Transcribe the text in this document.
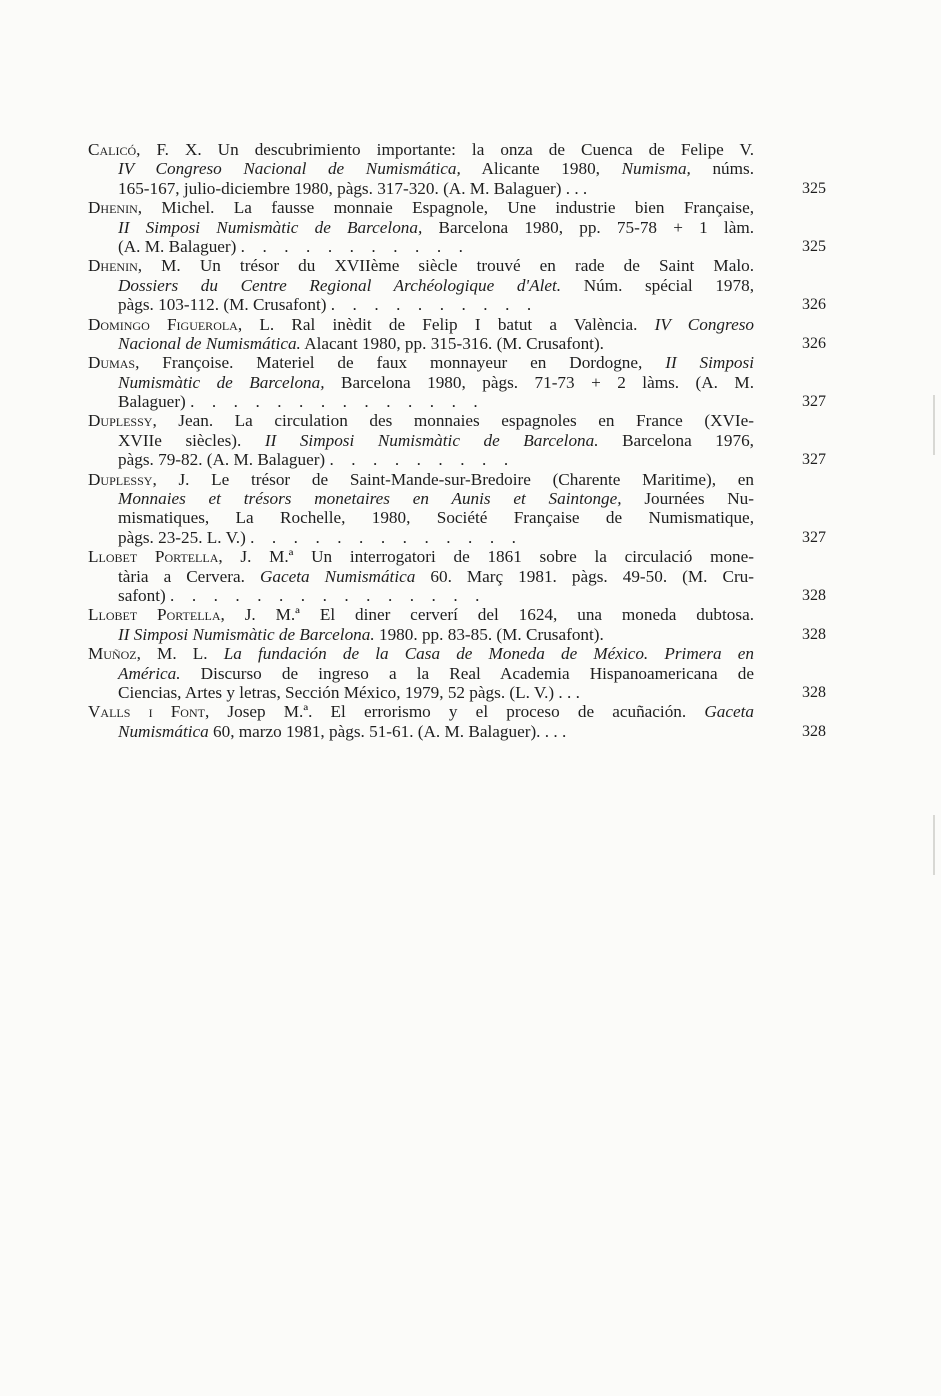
Calicó, F. X. Un descubrimiento importante: la onza de Cuenca de Felipe V.
IV Congreso Nacional de Numismática, Alicante 1980, Numisma, núms.
165-167, julio-diciembre 1980, pàgs. 317-320. (A. M. Balaguer) . . .	325
Dhenin, Michel. La fausse monnaie Espagnole, Une industrie bien Française,
II Simposi Numismàtic de Barcelona, Barcelona 1980, pp. 75-78 + 1 làm.
(A. M. Balaguer) . . . . . . . . . . .	325
Dhenin, M. Un trésor du XVIIème siècle trouvé en rade de Saint Malo.
Dossiers du Centre Regional Archéologique d'Alet. Núm. spécial 1978,
pàgs. 103-112. (M. Crusafont) . . . . . . . . . .	326
Domingo Figuerola, L. Ral inèdit de Felip I batut a València. IV Congreso
Nacional de Numismática. Alacant 1980, pp. 315-316. (M. Crusafont).	326
Dumas, Françoise. Materiel de faux monnayeur en Dordogne, II Simposi
Numismàtic de Barcelona, Barcelona 1980, pàgs. 71-73 + 2 làms. (A. M.
Balaguer) . . . . . . . . . . . . . .	327
Duplessy, Jean. La circulation des monnaies espagnoles en France (XVIe-
XVIIe siècles). II Simposi Numismàtic de Barcelona. Barcelona 1976,
pàgs. 79-82. (A. M. Balaguer) . . . . . . . . .	327
Duplessy, J. Le trésor de Saint-Mande-sur-Bredoire (Charente Maritime), en
Monnaies et trésors monetaires en Aunis et Saintonge, Journées Nu-
mismatiques, La Rochelle, 1980, Société Française de Numismatique,
pàgs. 23-25. L. V.) . . . . . . . . . . . . .	327
Llobet Portella, J. M.ª Un interrogatori de 1861 sobre la circulació mone-
tària a Cervera. Gaceta Numismática 60. Març 1981. pàgs. 49-50. (M. Cru-
safont) . . . . . . . . . . . . . . .	328
Llobet Portella, J. M.ª El diner cerverí del 1624, una moneda dubtosa.
II Simposi Numismàtic de Barcelona. 1980. pp. 83-85. (M. Crusafont).	328
Muñoz, M. L. La fundación de la Casa de Moneda de México. Primera en
América. Discurso de ingreso a la Real Academia Hispanoamericana de
Ciencias, Artes y letras, Sección México, 1979, 52 pàgs. (L. V.) . . .	328
Valls i Font, Josep M.ª. El errorismo y el proceso de acuñación. Gaceta
Numismática 60, marzo 1981, pàgs. 51-61. (A. M. Balaguer). . . .	328
